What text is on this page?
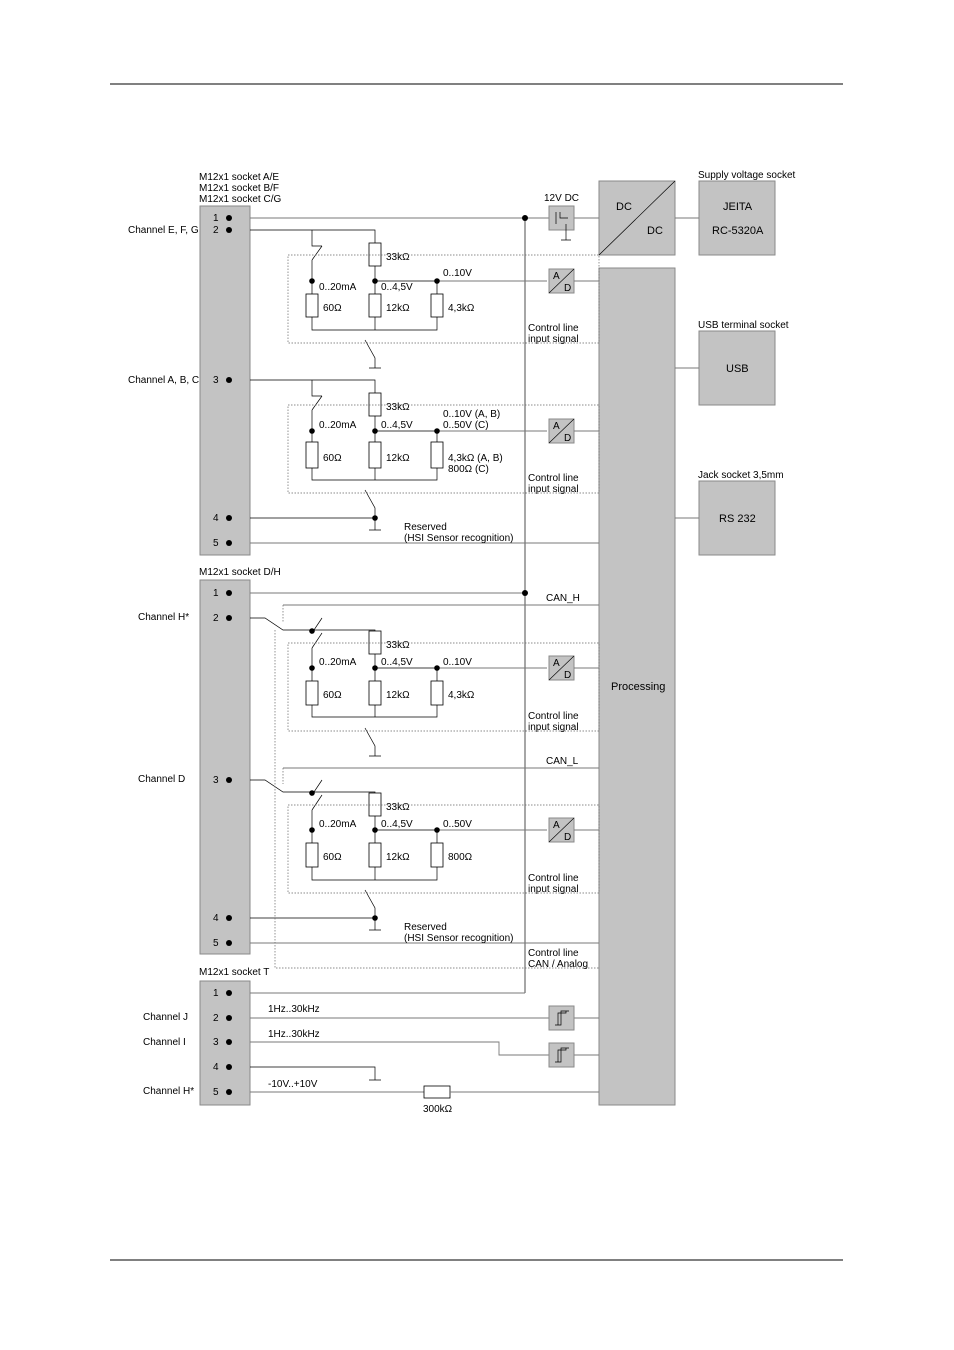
M12x1 socket A/E
M12x1 socket B/F
M12x1 socket C/G
M12x1 socket D/H
M12x1 socket T
Processing
DC
DC
Supply voltage socket
JEITA
RC-5320A
USB terminal socket
USB
Jack socket 3,5mm
RS 232
12V DC
1
2
Channel E, F, G
33kΩ
0..20mA 0..4,5V
0..10V
60Ω	12kΩ	4,3kΩ
Control line
input signal
A
D
3
Channel A, B, C
33kΩ
0..20mA 0..4,5V
0..10V (A, B)
0..50V (C)
60Ω	12kΩ	4,3kΩ (A, B)
800Ω (C)
Control line
input signal
A
D
4
5
Reserved
(HSI Sensor recognition)
1	CAN_H
2
Channel H*
33kΩ
0..20mA 0..4,5V	0..10V
60Ω	12kΩ	4,3kΩ
Control line
input signal
A
D
CAN_L
3
Channel D
33kΩ
0..20mA 0..4,5V	0..50V
60Ω	12kΩ	800Ω
Control line
input signal
A
D
4
5
Reserved
(HSI Sensor recognition)
Control line
CAN / Analog
1
2
Channel J
1Hz..30kHz
3
Channel I
1Hz..30kHz
4
5
Channel H*
-10V..+10V
300kΩ
